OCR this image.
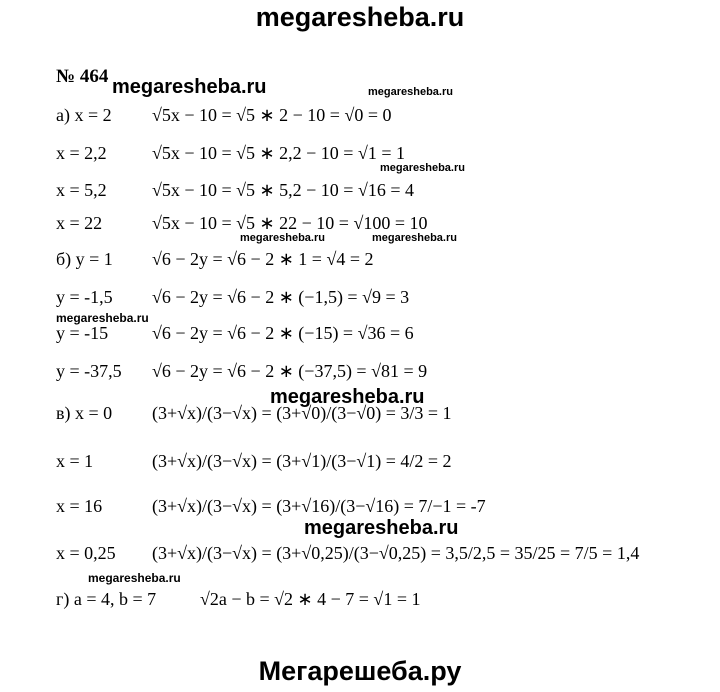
megaresheba.ru
№ 464 megaresheba.ru	megaresheba.ru
megaresheba.ru
megaresheba.ru	megaresheba.ru
megaresheba.ru
megaresheba.ru
megaresheba.ru
megaresheba.ru
а) x = 2 √5x − 10 = √5 ∗ 2 − 10 = √0 = 0
x = 2,2	√5x − 10 = √5 ∗ 2,2 − 10 = √1 = 1
x = 5,2	√5x − 10 = √5 ∗ 5,2 − 10 = √16 = 4
x = 22	√5x − 10 = √5 ∗ 22 − 10 = √100 = 10
б) y = 1 √6 − 2y = √6 − 2 ∗ 1 = √4 = 2
y = -1,5 √6 − 2y = √6 − 2 ∗ (−1,5) = √9 = 3
y = -15 √6 − 2y = √6 − 2 ∗ (−15) = √36 = 6
y = -37,5 √6 − 2y = √6 − 2 ∗ (−37,5) = √81 = 9
в) x = 0 (3+√x)/(3−√x) = (3+√0)/(3−√0) = 3/3 = 1
x = 1	(3+√x)/(3−√x) = (3+√1)/(3−√1) = 4/2 = 2
x = 16	(3+√x)/(3−√x) = (3+√16)/(3−√16) = 7/−1 = -7
x = 0,25 (3+√x)/(3−√x) = (3+√0,25)/(3−√0,25) = 3,5/2,5 = 35/25 = 7/5 = 1,4
г) a = 4, b = 7 √2a − b = √2 ∗ 4 − 7 = √1 = 1
Мегарешеба.ру
